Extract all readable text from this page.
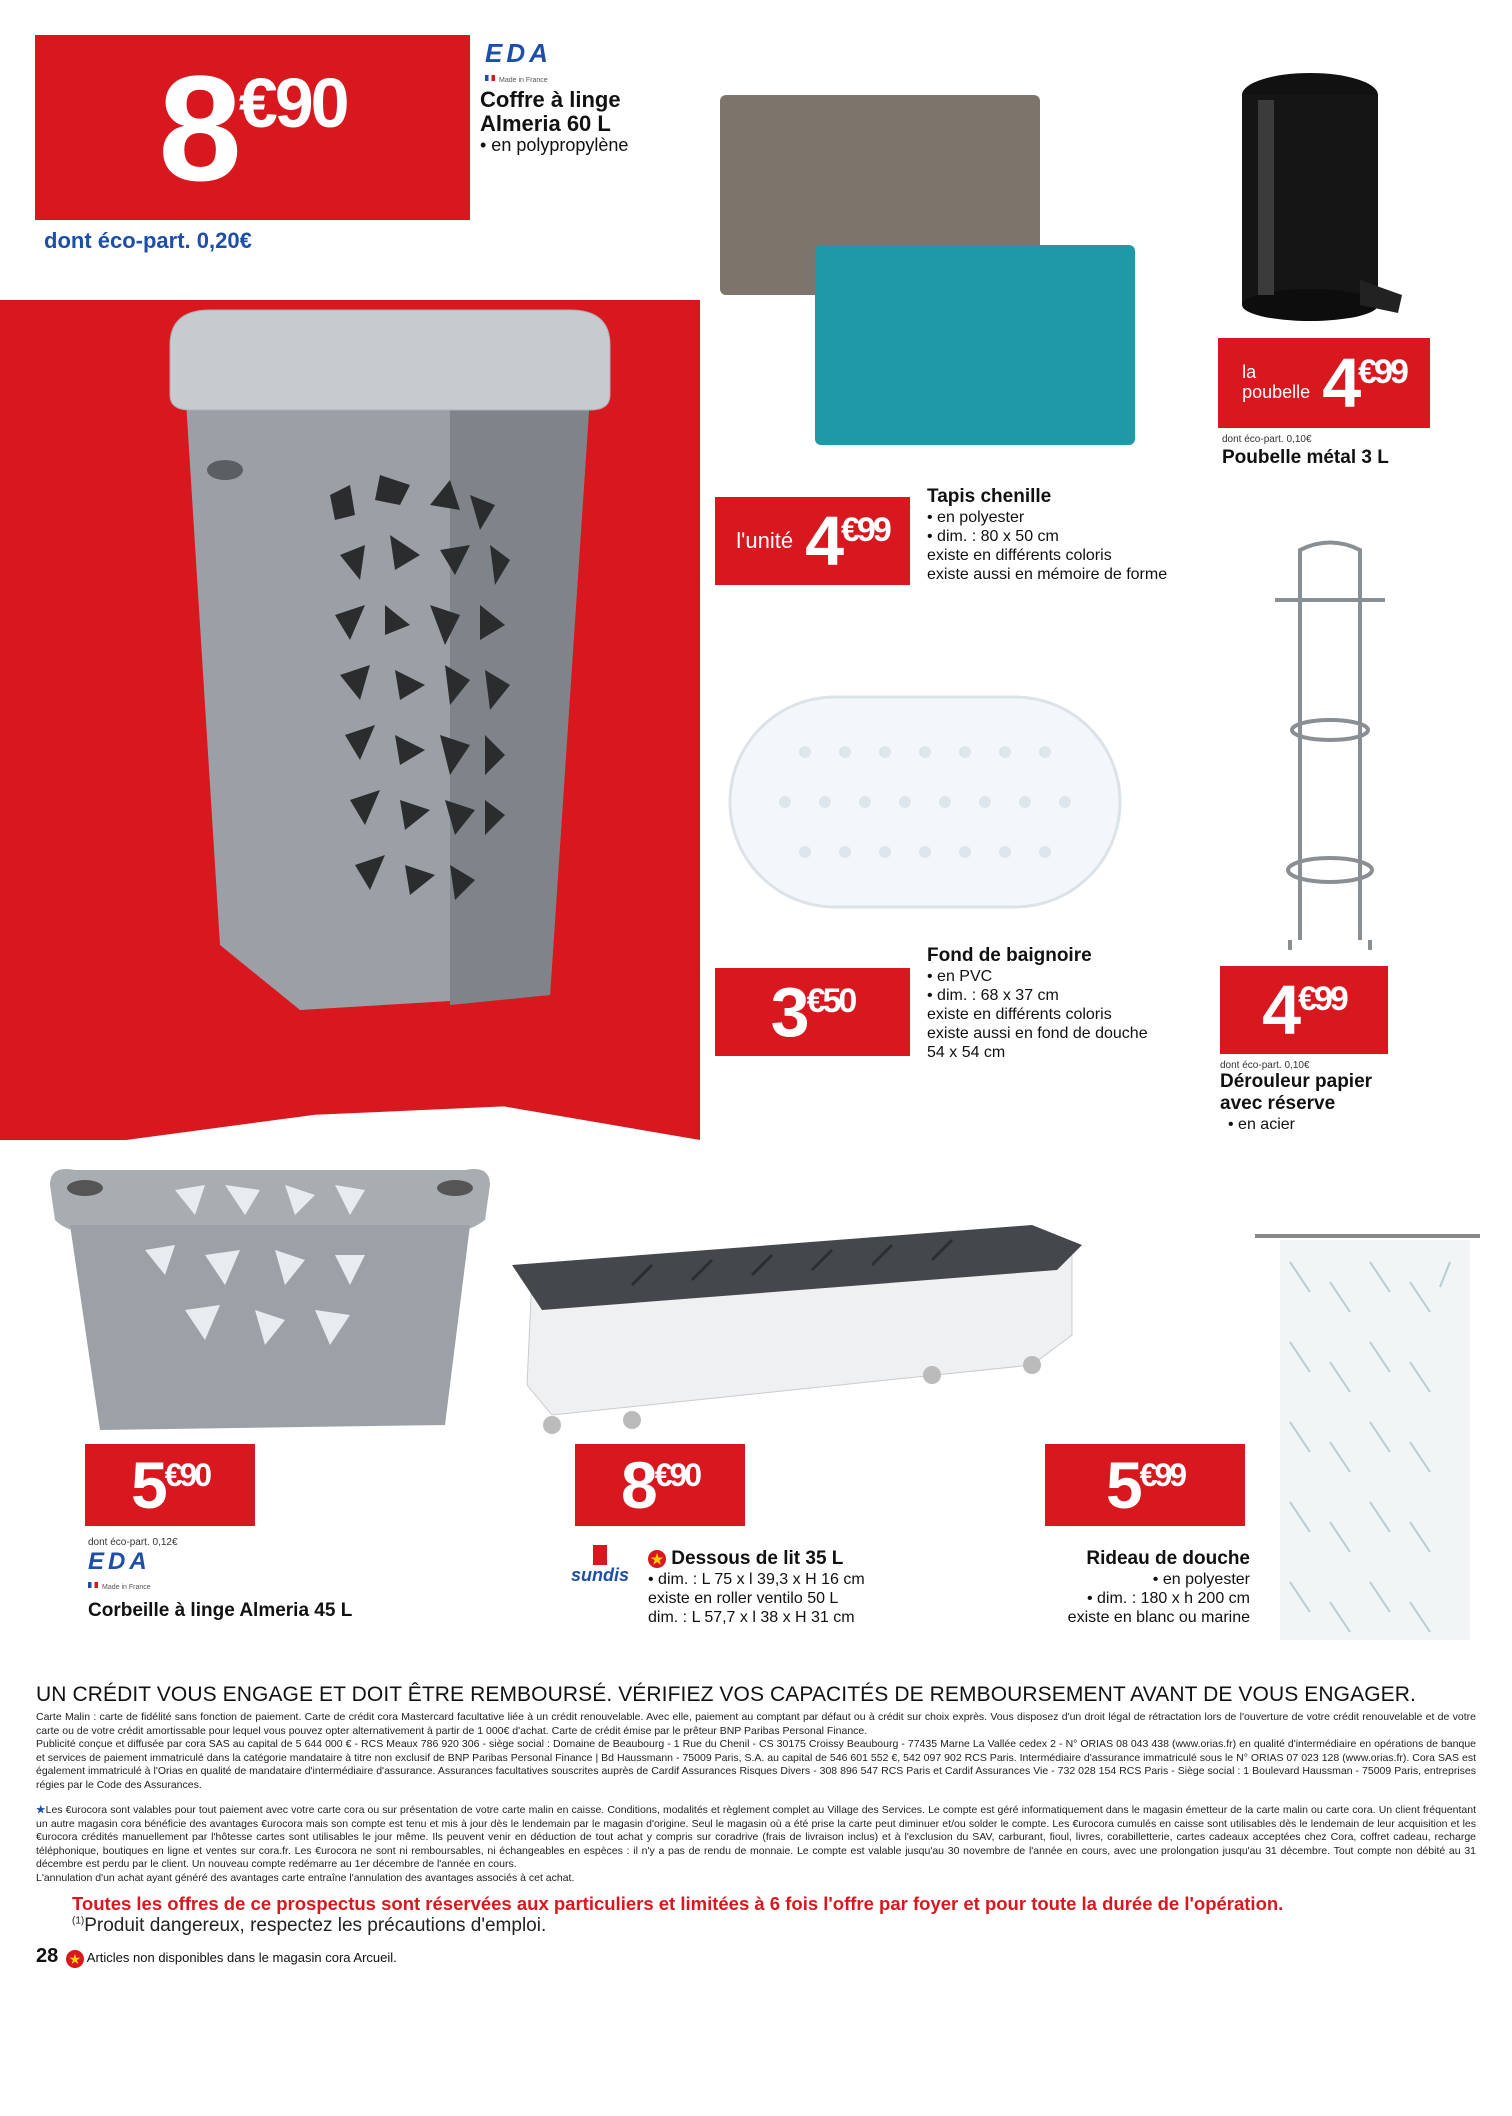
8 €90
dont éco-part. 0,20€
EDA
Made in France
Coffre à linge
Almeria 60 L
• en polypropylène
l'unité 4 €99
Tapis chenille
• en polyester
• dim. : 80 x 50 cm
existe en différents coloris
existe aussi en mémoire de forme
la
poubelle 4 €99
dont éco-part. 0,10€
Poubelle métal 3 L
3 €50
Fond de baignoire
• en PVC
• dim. : 68 x 37 cm
existe en différents coloris
existe aussi en fond de douche
54 x 54 cm
4 €99
dont éco-part. 0,10€
Dérouleur papier
avec réserve
• en acier
5 €90
dont éco-part. 0,12€
EDA
Made in France
Corbeille à linge Almeria 45 L
8 €90
sundis
★ Dessous de lit 35 L
• dim. : L 75 x l 39,3 x H 16 cm
existe en roller ventilo 50 L
dim. : L 57,7 x l 38 x H 31 cm
5 €99
Rideau de douche
• en polyester
• dim. : 180 x h 200 cm
existe en blanc ou marine
UN CRÉDIT VOUS ENGAGE ET DOIT ÊTRE REMBOURSÉ. VÉRIFIEZ VOS CAPACITÉS DE REMBOURSEMENT AVANT DE VOUS ENGAGER.
Carte Malin : carte de fidélité sans fonction de paiement. Carte de crédit cora Mastercard facultative liée à un crédit renouvelable. Avec elle, paiement au comptant par défaut ou à crédit sur choix exprès. Vous disposez d'un droit légal de rétractation lors de l'ouverture de votre crédit renouvelable et de votre carte ou de votre crédit amortissable pour lequel vous pouvez opter alternativement à partir de 1 000€ d'achat. Carte de crédit émise par le prêteur BNP Paribas Personal Finance.
Publicité conçue et diffusée par cora SAS au capital de 5 644 000 € - RCS Meaux 786 920 306 - siège social : Domaine de Beaubourg - 1 Rue du Chenil - CS 30175 Croissy Beaubourg - 77435 Marne La Vallée cedex 2 - N° ORIAS 08 043 438 (www.orias.fr) en qualité d'intermédiaire en opérations de banque et services de paiement immatriculé dans la catégorie mandataire à titre non exclusif de BNP Paribas Personal Finance | Bd Haussmann - 75009 Paris, S.A. au capital de 546 601 552 €, 542 097 902 RCS Paris. Intermédiaire d'assurance immatriculé sous le N° ORIAS 07 023 128 (www.orias.fr). Cora SAS est également immatriculé à l'Orias en qualité de mandataire d'intermédiaire d'assurance. Assurances facultatives souscrites auprès de Cardif Assurances Risques Divers - 308 896 547 RCS Paris et Cardif Assurances Vie - 732 028 154 RCS Paris - Siège social : 1 Boulevard Haussman - 75009 Paris, entreprises régies par le Code des Assurances.
★Les €urocora sont valables pour tout paiement avec votre carte cora ou sur présentation de votre carte malin en caisse. Conditions, modalités et règlement complet au Village des Services. Le compte est géré informatiquement dans le magasin émetteur de la carte malin ou carte cora. Un client fréquentant un autre magasin cora bénéficie des avantages €urocora mais son compte est tenu et mis à jour dès le lendemain par le magasin d'origine. Seul le magasin où a été prise la carte peut diminuer et/ou solder le compte. Les €urocora cumulés en caisse sont utilisables dès le lendemain de leur acquisition et les €urocora crédités manuellement par l'hôtesse cartes sont utilisables le jour même. Ils peuvent venir en déduction de tout achat y compris sur coradrive (frais de livraison inclus) et à l'exclusion du SAV, carburant, fioul, livres, corabilletterie, cartes cadeaux acceptées chez Cora, coffret cadeau, recharge téléphonique, boutiques en ligne et ventes sur cora.fr. Les €urocora ne sont ni remboursables, ni échangeables en espèces : il n'y a pas de rendu de monnaie. Le compte est valable jusqu'au 30 novembre de l'année en cours, avec une prolongation jusqu'au 31 décembre. Tout compte non débité au 31 décembre est perdu par le client. Un nouveau compte redémarre au 1er décembre de l'année en cours.
L'annulation d'un achat ayant généré des avantages carte entraîne l'annulation des avantages associés à cet achat.
Toutes les offres de ce prospectus sont réservées aux particuliers et limitées à 6 fois l'offre par foyer et pour toute la durée de l'opération.
$^{(1)}$Produit dangereux, respectez les précautions d'emploi.
28 ★ Articles non disponibles dans le magasin cora Arcueil.
